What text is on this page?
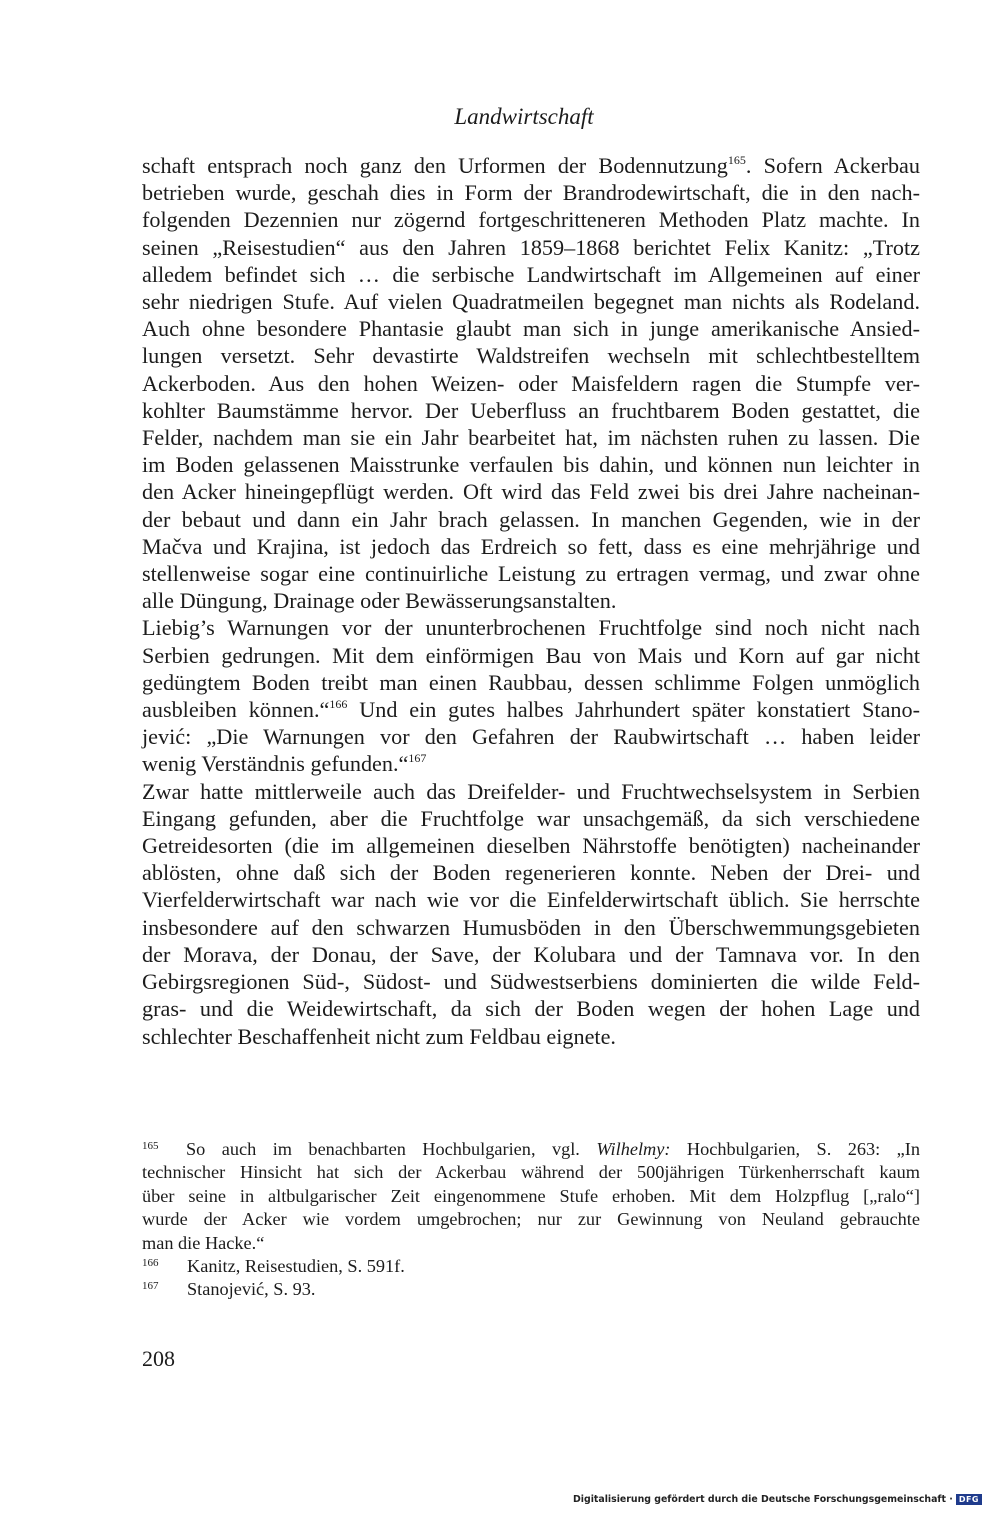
Landwirtschaft
schaft entsprach noch ganz den Urformen der Bodennutzung$^{165}$. Sofern Ackerbau
betrieben wurde, geschah dies in Form der Brandrodewirtschaft, die in den nach-
folgenden Dezennien nur zögernd fortgeschritteneren Methoden Platz machte. In
seinen „Reisestudien“ aus den Jahren 1859–1868 berichtet Felix Kanitz: „Trotz
alledem befindet sich … die serbische Landwirtschaft im Allgemeinen auf einer
sehr niedrigen Stufe. Auf vielen Quadratmeilen begegnet man nichts als Rodeland.
Auch ohne besondere Phantasie glaubt man sich in junge amerikanische Ansied-
lungen versetzt. Sehr devastirte Waldstreifen wechseln mit schlechtbestelltem
Ackerboden. Aus den hohen Weizen- oder Maisfeldern ragen die Stumpfe ver-
kohlter Baumstämme hervor. Der Ueberfluss an fruchtbarem Boden gestattet, die
Felder, nachdem man sie ein Jahr bearbeitet hat, im nächsten ruhen zu lassen. Die
im Boden gelassenen Maisstrunke verfaulen bis dahin, und können nun leichter in
den Acker hineingepflügt werden. Oft wird das Feld zwei bis drei Jahre nacheinan-
der bebaut und dann ein Jahr brach gelassen. In manchen Gegenden, wie in der
Mačva und Krajina, ist jedoch das Erdreich so fett, dass es eine mehrjährige und
stellenweise sogar eine continuirliche Leistung zu ertragen vermag, und zwar ohne
alle Düngung, Drainage oder Bewässerungsanstalten.
Liebig’s Warnungen vor der ununterbrochenen Fruchtfolge sind noch nicht nach
Serbien gedrungen. Mit dem einförmigen Bau von Mais und Korn auf gar nicht
gedüngtem Boden treibt man einen Raubbau, dessen schlimme Folgen unmöglich
ausbleiben können.“$^{166}$ Und ein gutes halbes Jahrhundert später konstatiert Stano-
jević: „Die Warnungen vor den Gefahren der Raubwirtschaft … haben leider
wenig Verständnis gefunden.“$^{167}$
Zwar hatte mittlerweile auch das Dreifelder- und Fruchtwechselsystem in Serbien
Eingang gefunden, aber die Fruchtfolge war unsachgemäß, da sich verschiedene
Getreidesorten (die im allgemeinen dieselben Nährstoffe benötigten) nacheinander
ablösten, ohne daß sich der Boden regenerieren konnte. Neben der Drei- und
Vierfelderwirtschaft war nach wie vor die Einfelderwirtschaft üblich. Sie herrschte
insbesondere auf den schwarzen Humusböden in den Überschwemmungsgebieten
der Morava, der Donau, der Save, der Kolubara und der Tamnava vor. In den
Gebirgsregionen Süd-, Südost- und Südwestserbiens dominierten die wilde Feld-
gras- und die Weidewirtschaft, da sich der Boden wegen der hohen Lage und
schlechter Beschaffenheit nicht zum Feldbau eignete.
165 So auch im benachbarten Hochbulgarien, vgl. Wilhelmy: Hochbulgarien, S. 263: „In
technischer Hinsicht hat sich der Ackerbau während der 500jährigen Türkenherrschaft kaum
über seine in altbulgarischer Zeit eingenommene Stufe erhoben. Mit dem Holzpflug [„ralo“]
wurde der Acker wie vordem umgebrochen; nur zur Gewinnung von Neuland gebrauchte
man die Hacke.“
166 Kanitz, Reisestudien, S. 591f.
167 Stanojević, S. 93.
208
Digitalisierung gefördert durch die Deutsche Forschungsgemeinschaft · DFG
